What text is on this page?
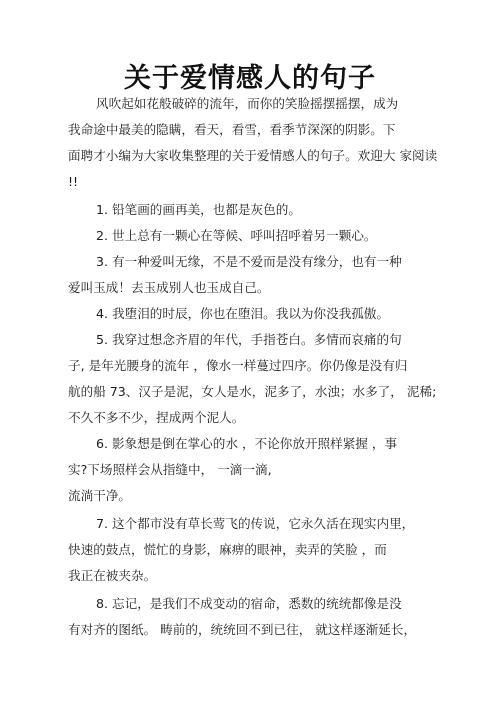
关于爱情感人的句子
风吹起如花般破碎的流年，而你的笑脸摇摆摇摆，成为
我命途中最美的隐瞒，看天，看雪，看季节深深的阴影。下
面聘才小编为大家收集整理的关于爱情感人的句子。欢迎大 家阅读
!!
1. 铅笔画的画再美，也都是灰色的。
2. 世上总有一颗心在等候、呼叫招呼着另一颗心。
3. 有一种爱叫无缘，不是不爱而是没有缘分，也有一种
爱叫玉成！去玉成别人也玉成自己。
4. 我堕泪的时辰，你也在堕泪。我以为你没我孤傲。
5. 我穿过想念齐眉的年代，手指苍白。多情而哀痛的句
子, 是年光腰身的流年 ，像水一样蔓过四序。你仍像是没有归
航的船 73、汉子是泥，女人是水，泥多了，水浊；水多了， 泥稀;
不久不多不少，捏成两个泥人。
6. 影象想是倒在掌心的水 ，不论你放开照样紧握 ，事
实?下场照样会从指缝中， 一滴一滴,
流淌干净。
7. 这个都市没有草长莺飞的传说，它永久活在现实内里，
快速的鼓点，慌忙的身影，麻痹的眼神，卖弄的笑脸 ，而
我正在被夹杂。
8. 忘记，是我们不成变动的宿命，悉数的统统都像是没
有对齐的图纸。 畴前的，统统回不到已往， 就这样逐渐延长，
